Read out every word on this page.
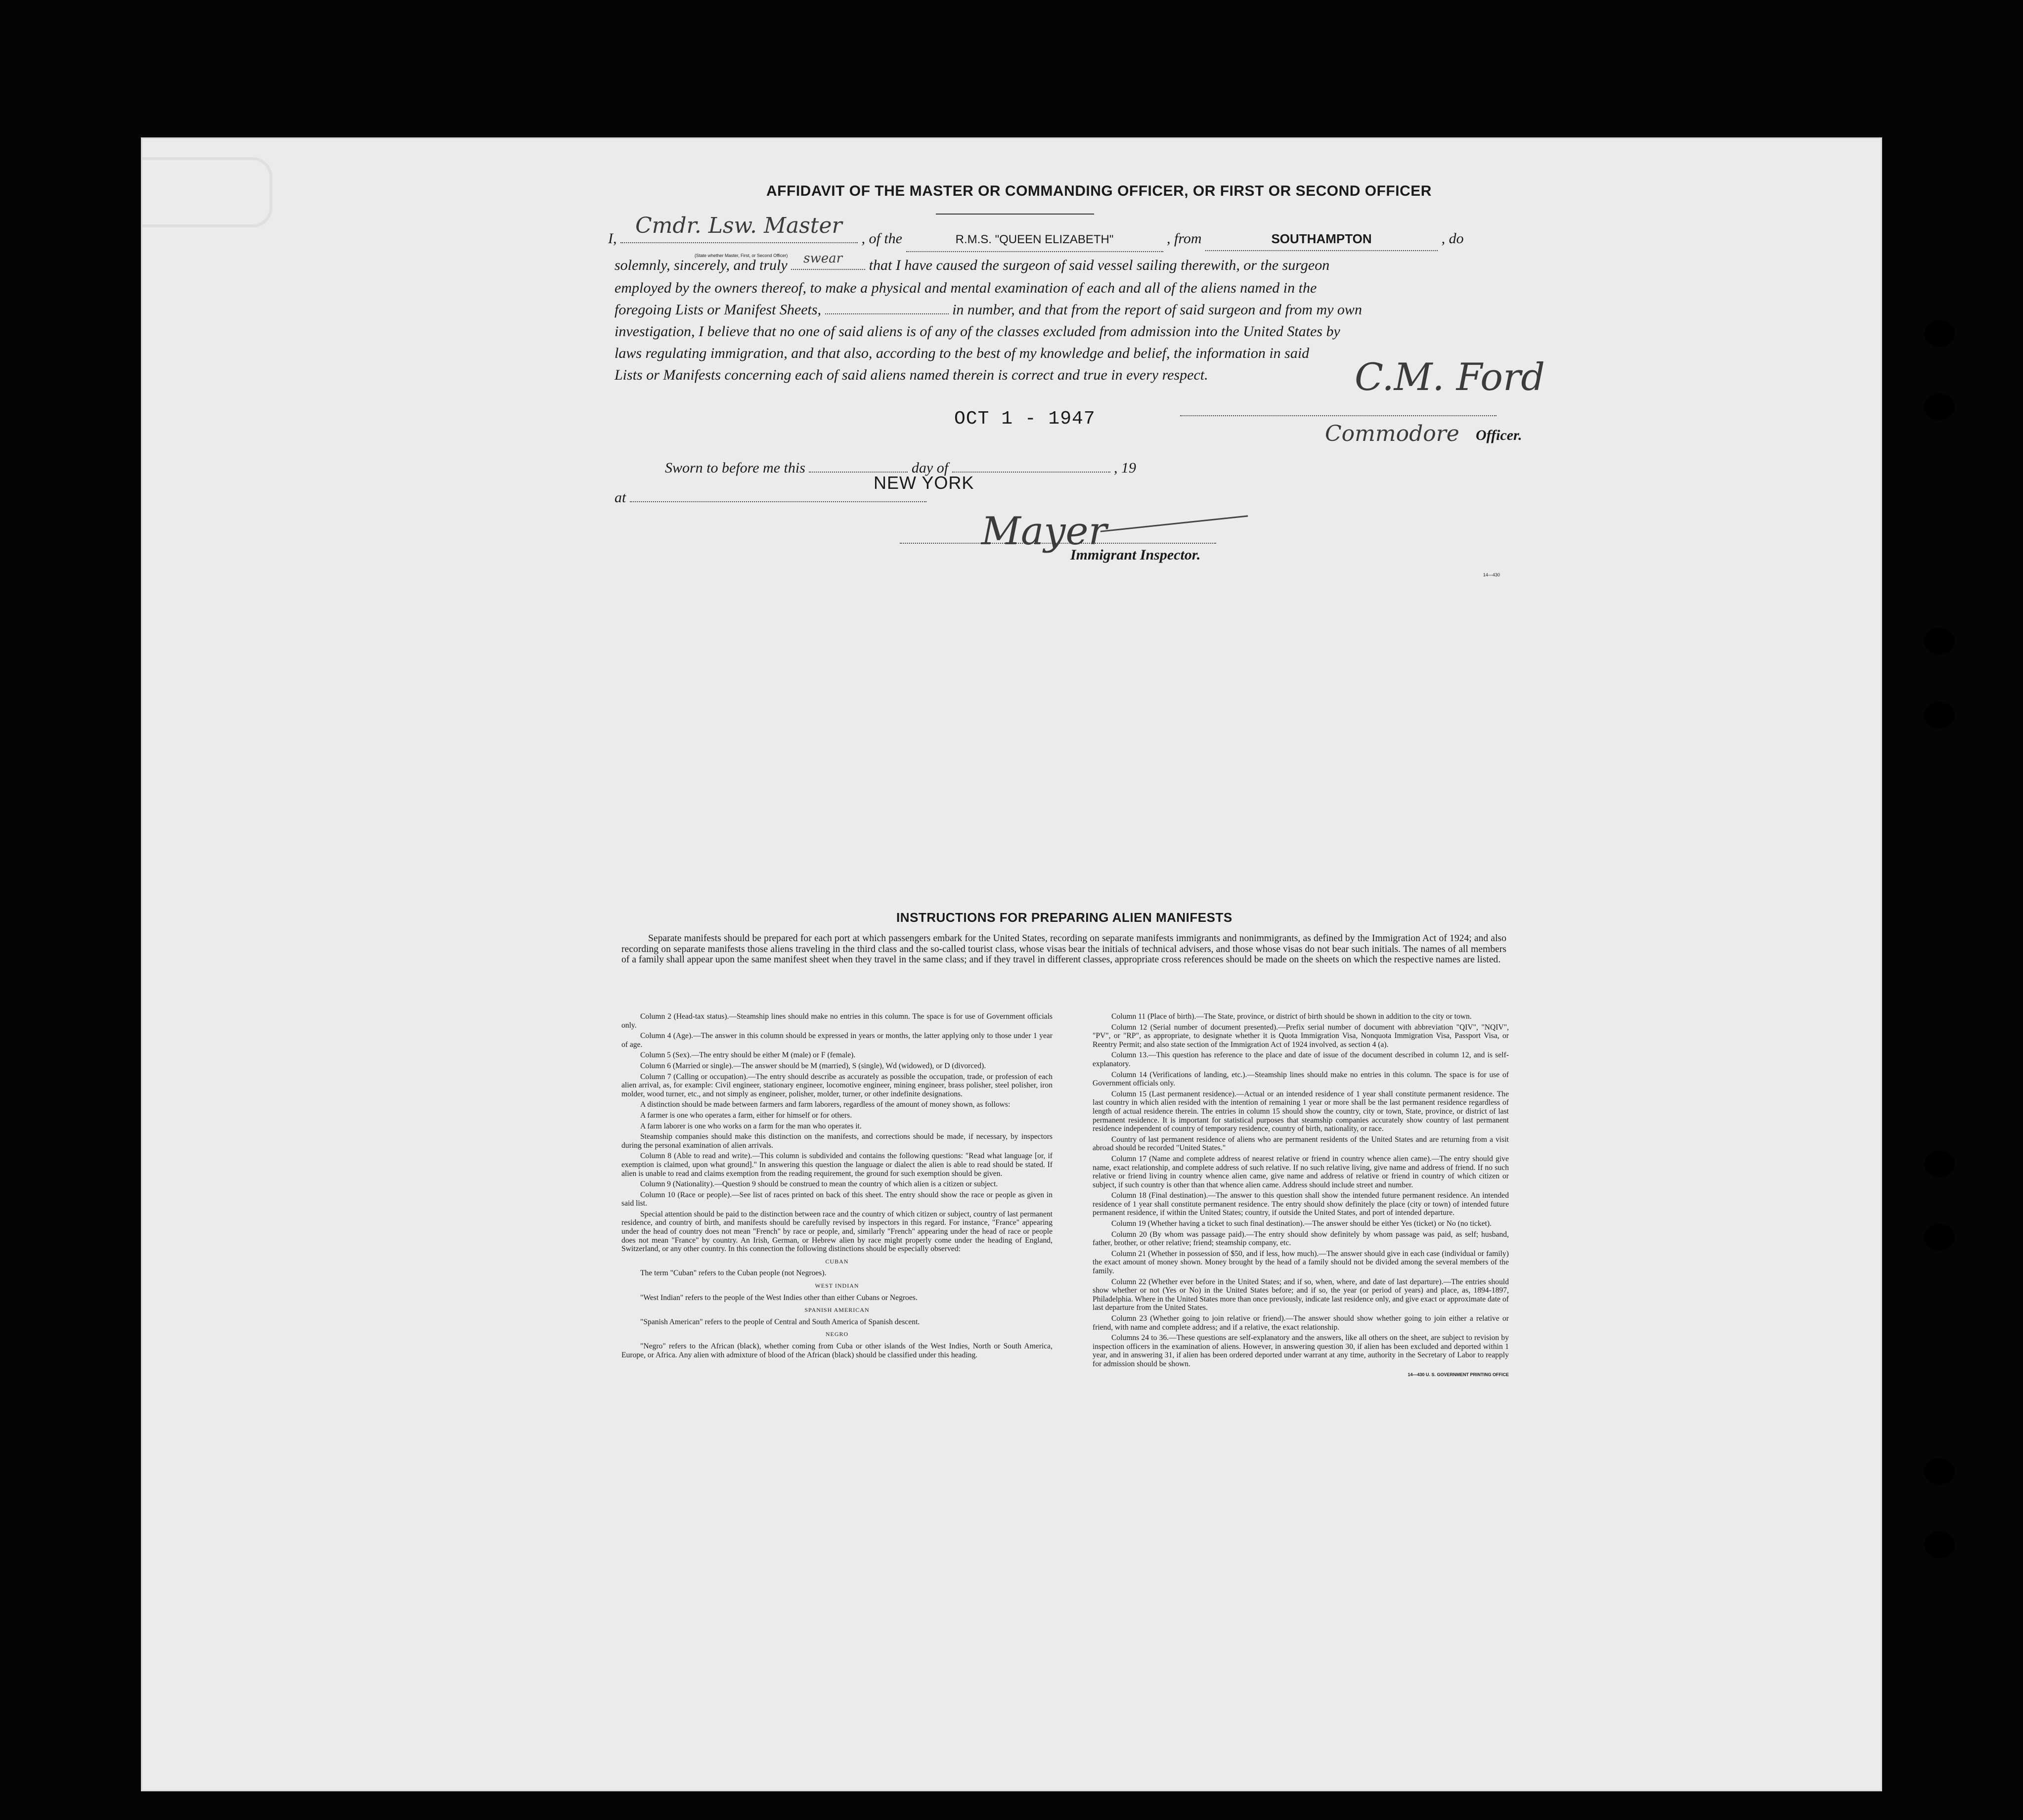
AFFIDAVIT OF THE MASTER OR COMMANDING OFFICER, OR FIRST OR SECOND OFFICER
I,
Cmdr. Lsw. Master
(State whether Master, First, or Second Officer)
, of the	R.M.S. "QUEEN ELIZABETH"	, from	SOUTHAMPTON	, do
solemnly, sincerely, and truly swear that I have caused the surgeon of said vessel sailing therewith, or the surgeon
employed by the owners thereof, to make a physical and mental examination of each and all of the aliens named in the
foregoing Lists or Manifest Sheets,	in number, and that from the report of said surgeon and from my own
investigation, I believe that no one of said aliens is of any of the classes excluded from admission into the United States by
laws regulating immigration, and that also, according to the best of my knowledge and belief, the information in said
Lists or Manifests concerning each of said aliens named therein is correct and true in every respect.	C.M. Ford
OCT 1 - 1947
Commodore Officer.
Sworn to before me this	day of	, 19
at
NEW YORK
Mayer
Immigrant Inspector.
14—430
INSTRUCTIONS FOR PREPARING ALIEN MANIFESTS
Separate manifests should be prepared for each port at which passengers embark for the United States, recording on separate manifests immigrants and nonimmigrants, as defined by the Immigration Act of 1924; and also recording on separate manifests those aliens traveling in the third class and the so-called tourist class, whose visas bear the initials of technical advisers, and those whose visas do not bear such initials. The names of all members of a family shall appear upon the same manifest sheet when they travel in the same class; and if they travel in different classes, appropriate cross references should be made on the sheets on which the respective names are listed.

Column 2 (Head-tax status).—Steamship lines should make no entries in this column. The space is for use of Government officials only.

Column 4 (Age).—The answer in this column should be expressed in years or months, the latter applying only to those under 1 year of age.

Column 5 (Sex).—The entry should be either M (male) or F (female).

Column 6 (Married or single).—The answer should be M (married), S (single), Wd (widowed), or D (divorced).

Column 7 (Calling or occupation).—The entry should describe as accurately as possible the occupation, trade, or profession of each alien arrival, as, for example: Civil engineer, stationary engineer, locomotive engineer, mining engineer, brass polisher, steel polisher, iron molder, wood turner, etc., and not simply as engineer, polisher, molder, turner, or other indefinite designations.

A distinction should be made between farmers and farm laborers, regardless of the amount of money shown, as follows:

A farmer is one who operates a farm, either for himself or for others.

A farm laborer is one who works on a farm for the man who operates it.

Steamship companies should make this distinction on the manifests, and corrections should be made, if necessary, by inspectors during the personal examination of alien arrivals.

Column 8 (Able to read and write).—This column is subdivided and contains the following questions: "Read what language [or, if exemption is claimed, upon what ground]." In answering this question the language or dialect the alien is able to read should be stated. If alien is unable to read and claims exemption from the reading requirement, the ground for such exemption should be given.

Column 9 (Nationality).—Question 9 should be construed to mean the country of which alien is a citizen or subject.

Column 10 (Race or people).—See list of races printed on back of this sheet. The entry should show the race or people as given in said list.

Special attention should be paid to the distinction between race and the country of which citizen or subject, country of last permanent residence, and country of birth, and manifests should be carefully revised by inspectors in this regard. For instance, "France" appearing under the head of country does not mean "French" by race or people, and, similarly "French" appearing under the head of race or people does not mean "France" by country. An Irish, German, or Hebrew alien by race might properly come under the heading of England, Switzerland, or any other country. In this connection the following distinctions should be especially observed:

CUBAN

The term "Cuban" refers to the Cuban people (not Negroes).

WEST INDIAN

"West Indian" refers to the people of the West Indies other than either Cubans or Negroes.

SPANISH AMERICAN

"Spanish American" refers to the people of Central and South America of Spanish descent.

NEGRO

"Negro" refers to the African (black), whether coming from Cuba or other islands of the West Indies, North or South America, Europe, or Africa. Any alien with admixture of blood of the African (black) should be classified under this heading.

Column 11 (Place of birth).—The State, province, or district of birth should be shown in addition to the city or town.

Column 12 (Serial number of document presented).—Prefix serial number of document with abbreviation "QIV", "NQIV", "PV", or "RP", as appropriate, to designate whether it is Quota Immigration Visa, Nonquota Immigration Visa, Passport Visa, or Reentry Permit; and also state section of the Immigration Act of 1924 involved, as section 4 (a).

Column 13.—This question has reference to the place and date of issue of the document described in column 12, and is self-explanatory.

Column 14 (Verifications of landing, etc.).—Steamship lines should make no entries in this column. The space is for use of Government officials only.

Column 15 (Last permanent residence).—Actual or an intended residence of 1 year shall constitute permanent residence. The last country in which alien resided with the intention of remaining 1 year or more shall be the last permanent residence regardless of length of actual residence therein. The entries in column 15 should show the country, city or town, State, province, or district of last permanent residence. It is important for statistical purposes that steamship companies accurately show country of last permanent residence independent of country of temporary residence, country of birth, nationality, or race.

Country of last permanent residence of aliens who are permanent residents of the United States and are returning from a visit abroad should be recorded "United States."

Column 17 (Name and complete address of nearest relative or friend in country whence alien came).—The entry should give name, exact relationship, and complete address of such relative. If no such relative living, give name and address of friend. If no such relative or friend living in country whence alien came, give name and address of relative or friend in country of which citizen or subject, if such country is other than that whence alien came. Address should include street and number.

Column 18 (Final destination).—The answer to this question shall show the intended future permanent residence. An intended residence of 1 year shall constitute permanent residence. The entry should show definitely the place (city or town) of intended future permanent residence, if within the United States; country, if outside the United States, and port of intended departure.

Column 19 (Whether having a ticket to such final destination).—The answer should be either Yes (ticket) or No (no ticket).

Column 20 (By whom was passage paid).—The entry should show definitely by whom passage was paid, as self; husband, father, brother, or other relative; friend; steamship company, etc.

Column 21 (Whether in possession of $50, and if less, how much).—The answer should give in each case (individual or family) the exact amount of money shown. Money brought by the head of a family should not be divided among the several members of the family.

Column 22 (Whether ever before in the United States; and if so, when, where, and date of last departure).—The entries should show whether or not (Yes or No) in the United States before; and if so, the year (or period of years) and place, as, 1894-1897, Philadelphia. Where in the United States more than once previously, indicate last residence only, and give exact or approximate date of last departure from the United States.

Column 23 (Whether going to join relative or friend).—The answer should show whether going to join either a relative or friend, with name and complete address; and if a relative, the exact relationship.

Columns 24 to 36.—These questions are self-explanatory and the answers, like all others on the sheet, are subject to revision by inspection officers in the examination of aliens. However, in answering question 30, if alien has been excluded and deported within 1 year, and in answering 31, if alien has been ordered deported under warrant at any time, authority in the Secretary of Labor to reapply for admission should be shown.

14—430 U. S. GOVERNMENT PRINTING OFFICE
